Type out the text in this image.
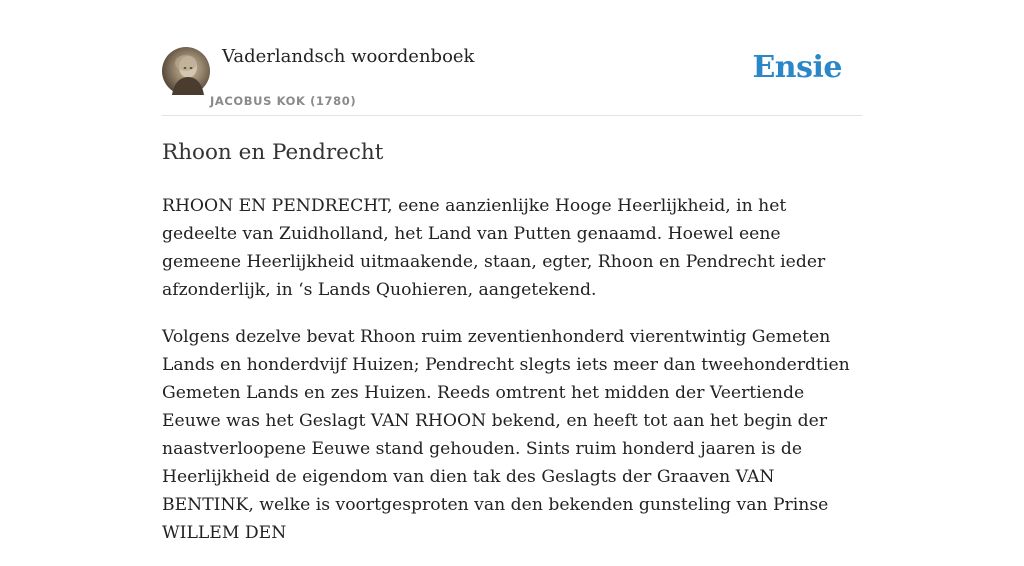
Vaderlandsch woordenboek
JACOBUS KOK (1780)
Ensie
Rhoon en Pendrecht

RHOON EN PENDRECHT, eene aanzienlijke Hooge Heerlijkheid, in het gedeelte van Zuidholland, het Land van Putten genaamd. Hoewel eene gemeene Heerlijkheid uitmaakende, staan, egter, Rhoon en Pendrecht ieder afzonderlijk, in ‘s Lands Quohieren, aangetekend.

Volgens dezelve bevat Rhoon ruim zeventienhonderd vierentwintig Gemeten Lands en honderdvijf Huizen; Pendrecht slegts iets meer dan tweehonderdtien Gemeten Lands en zes Huizen. Reeds omtrent het midden der Veertiende Eeuwe was het Geslagt VAN RHOON bekend, en heeft tot aan het begin der naastverloopene Eeuwe stand gehouden. Sints ruim honderd jaaren is de Heerlijkheid de eigendom van dien tak des Geslagts der Graaven VAN BENTINK, welke is voortgesproten van den bekenden gunsteling van Prinse WILLEM DEN
